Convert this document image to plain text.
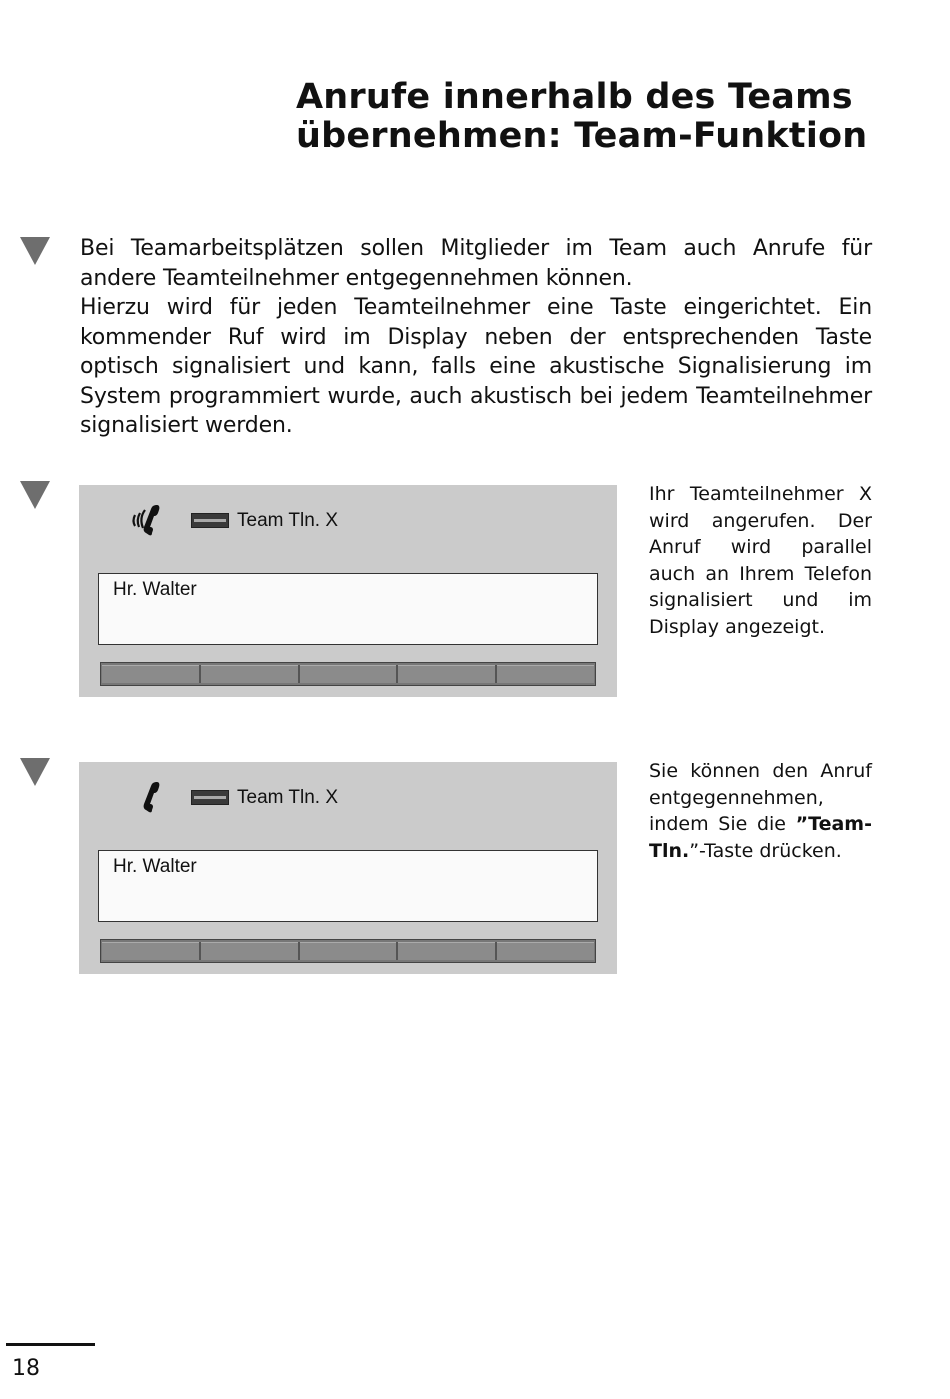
Anrufe innerhalb des Teams
übernehmen: Team-Funktion

Bei Teamarbeitsplätzen sollen Mitglieder im Team auch Anrufe für andere Teamteilnehmer entgegennehmen können.

Hierzu wird für jeden Teamteilnehmer eine Taste eingerichtet. Ein kommender Ruf wird im Display neben der entsprechenden Taste optisch signalisiert und kann, falls eine akustische Signalisierung im System programmiert wurde, auch akustisch bei jedem Teamteilnehmer signalisiert werden.

Team Tln. X
Hr. Walter

Ihr Teamteilnehmer X wird angerufen. Der Anruf wird parallel auch an Ihrem Telefon signalisiert und im Display angezeigt.

Team Tln. X
Hr. Walter

Sie können den Anruf entgegennehmen, indem Sie die ”Team-Tln.”-Taste drücken.

18
